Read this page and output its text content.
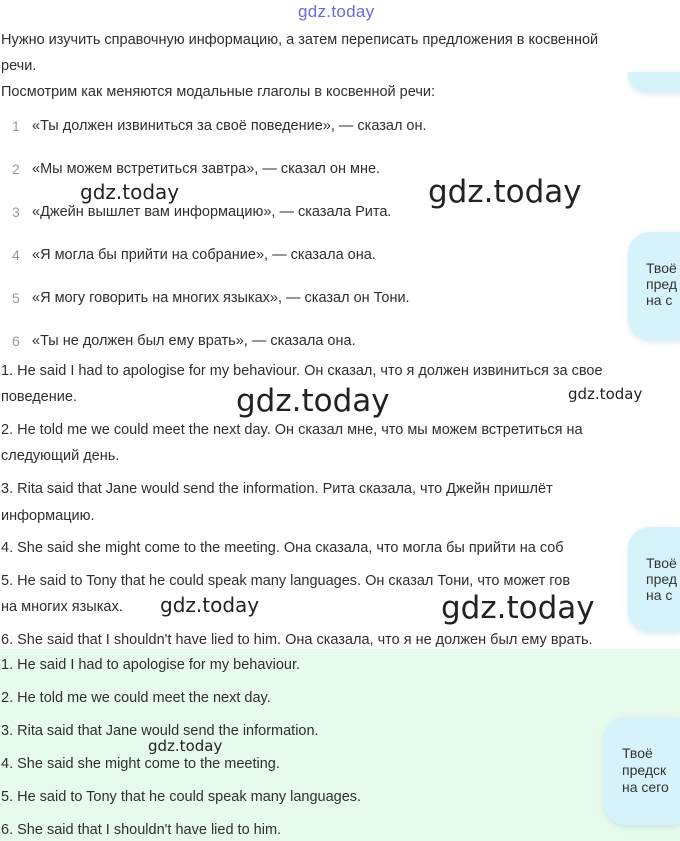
gdz.today
Нужно изучить справочную информацию, а затем переписать предложения в косвенной
речи.
Посмотрим как меняются модальные глаголы в косвенной речи:
1 «Ты должен извиниться за своё поведение», — сказал он.
2 «Мы можем встретиться завтра», — сказал он мне.
3 «Джейн вышлет вам информацию», — сказала Рита.
4 «Я могла бы прийти на собрание», — сказала она.
5 «Я могу говорить на многих языках», — сказал он Тони.
6 «Ты не должен был ему врать», — сказала она.
1. He said I had to apologise for my behaviour. Он сказал, что я должен извиниться за свое
поведение.
2. He told me we could meet the next day. Он сказал мне, что мы можем встретиться на
следующий день.
3. Rita said that Jane would send the information. Рита сказала, что Джейн пришлёт
информацию.
4. She said she might come to the meeting. Она сказала, что могла бы прийти на соб
5. He said to Tony that he could speak many languages. Он сказал Тони, что может гов
на многих языках.
6. She said that I shouldn't have lied to him. Она сказала, что я не должен был ему врать.
1. He said I had to apologise for my behaviour.
2. He told me we could meet the next day.
3. Rita said that Jane would send the information.
4. She said she might come to the meeting.
5. He said to Tony that he could speak many languages.
6. She said that I shouldn't have lied to him.
gdz.today	gdz.today
gdz.today	gdz.today
gdz.today	gdz.today
gdz.today
Твоё
пред
на с
Твоё
пред
на с
Твоё
предск
на сего
